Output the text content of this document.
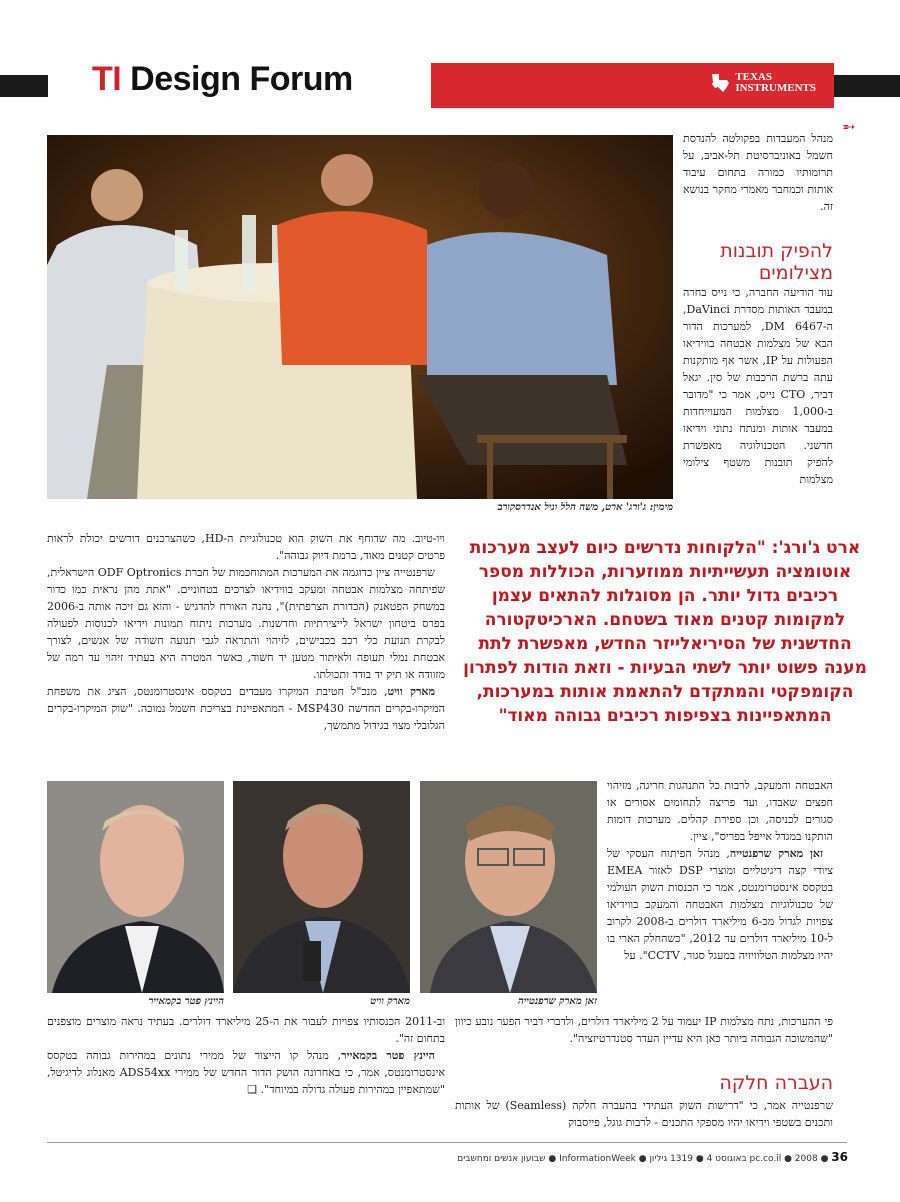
TI Design Forum	TEXAS
INSTRUMENTS
➵
מימין: ג'ורג' ארט, משה הלל וניל אנדרסקורב

מנהל המעבדות בפקולטה להנדסת חשמל באוניברסיטת תל-אביב, על תרומותיו כמורה בתחום עיבוד אותות וכמחבר מאמרי מחקר בנושא זה.

להפיק תובנות מצילומים

עוד הודיעה החברה, כי נייס בחרה במעבד האותות מסדרת DaVinci, ה-DM 6467, למערכות הדור הבא של מצלמות אבטחה בווידיאו הפעולות על IP, אשר אף מותקנות עתה ברשת הרכבות של סין. יגאל דביר, CTO נייס, אמר כי "מדובר ב-1,000 מצלמות המעוייחדות במעבד אותות ומנתח נתוני וידיאו חדשני. הטכנולוגיה מאפשרת להפיק תובנות משטף צילומי מצלמות

ויו-טיוב. מה שדוחף את השוק הוא טכנולוגיית ה-HD, כשהצרכנים דורשים יכולת לראות פרטים קטנים מאוד, ברמת דיוק גבוהה".

שרפנטייה ציין כדוגמה את המערכות המתוחכמות של חברת ODF Optronics הישראלית, שפיתחה מצלמות אבטחה ומעקב בווידיאו לצרכים בטחוניים. "אתת מהן נראית כמו כדור במשחק הפטאנק (הכדורת הצרפתית)", נהנה האורח להדגיש - והוא גם זיכה אותה ב-2006 בפרס ביטחון ישראל לייצירתיות וחדשנות. מערכות ניתוח תמונות וידיאו לכנוסות לפעולה לבקרת תנועת כלי רכב בכבישים, לזיהוי והתראה לגבי תנועה חשודה של אנשים, לצורך אבטחת נמלי תעופה ולאיתור מטען יד חשוד, כאשר המטרה היא בעתיד זיהוי עד רמה של מזוודה או תיק יד בודד ותכולתו.

מארק וויט, מנכ"ל חטיבת המיקרו מעבדים בטקסס אינסטרומנטס, הציג את משפחת המיקרו-בקרים החדשה MSP430 - המתאפיינת בצריכת חשמל נמוכה. "שוק המיקרו-בקרים הגלובלי מצוי בגידול מתמשך,

ארט ג'ורג': "הלקוחות נדרשים כיום לעצב מערכות אוטומציה תעשייתיות ממוזערות, הכוללות מספר רכיבים גדול יותר. הן מסוגלות להתאים עצמן למקומות קטנים מאוד בשטחם. הארכיטקטורה החדשנית של הסיריאלייזר החדש, מאפשרת לתת מענה פשוט יותר לשתי הבעיות - וזאת הודות לפתרון הקומפקטי והמתקדם להתאמת אותות במערכות, המתאפיינות בצפיפות רכיבים גבוהה מאוד"
זאן מארק שרפנטייה
מארק וויט
היינץ פטר בקמאייר

האבטחה והמעקב, לרבות כל התנהגות חריגה, מזיהוי חפצים שאבדו, ועד פריצה לתחומים אסורים או סגורים לכניסה, וכן ספירת קהלים. מערכות דומות הותקנו במגדל אייפל בפריס", ציין.

זאן מארק שרפנטייה, מנהל הפיתוח העסקי של ציודי קצה דיגיטליים ומוצרי DSP לאזור EMEA בטקסס אינסטרומנטס, אמר כי הכנסות השוק העולמי של טכנולוגיות מצלמות האבטחה והמעקב בווידיאו צפויות לגדול מכ-6 מיליארד דולרים ב-2008 לקרוב ל-10 מיליארד דולרים עד 2012, "כשהחלק הארי בו יהיו מצלמות הטלוויזיה במעגל סגור, CCTV". על

פי ההערכות, נתח מצלמות IP יעמוד על 2 מיליארד דולרים, ולדברי דביר הפער נובע כיוון "שהמשוכה הגבוהה ביותר כאן היא עדיין העדר סטנדרטיזציה".

העברה חלקה

שרפנטייה אמר, כי "דרישות השוק העתידי בהעברה חלקה (Seamless) של אותות ותכנים בשטפי וידיאו יהיו מספקי התכנים - לרבות גוגל, פייסבוק

וב-2011 הכנסותיו צפויות לעבור את ה-25 מיליארד דולרים. בעתיד נראה מוצרים מוצפנים בתחום זה".

היינץ פטר בקמאייר, מנהל קו הייצור של ממירי נתונים במהירות גבוהה בטקסס אינסטרומנטס, אמר, כי באחרונה הושק הדור החדש של ממירי ADS54xx מאנלוג לדיגיטל, "שמתאפיין במהירות פעולה גדולה במיוחד". ❑

36 ● pc.co.il ● 2008 באוגוסט 4 ● 1319 גיליון ● InformationWeek ● שבועון אנשים ומחשבים
